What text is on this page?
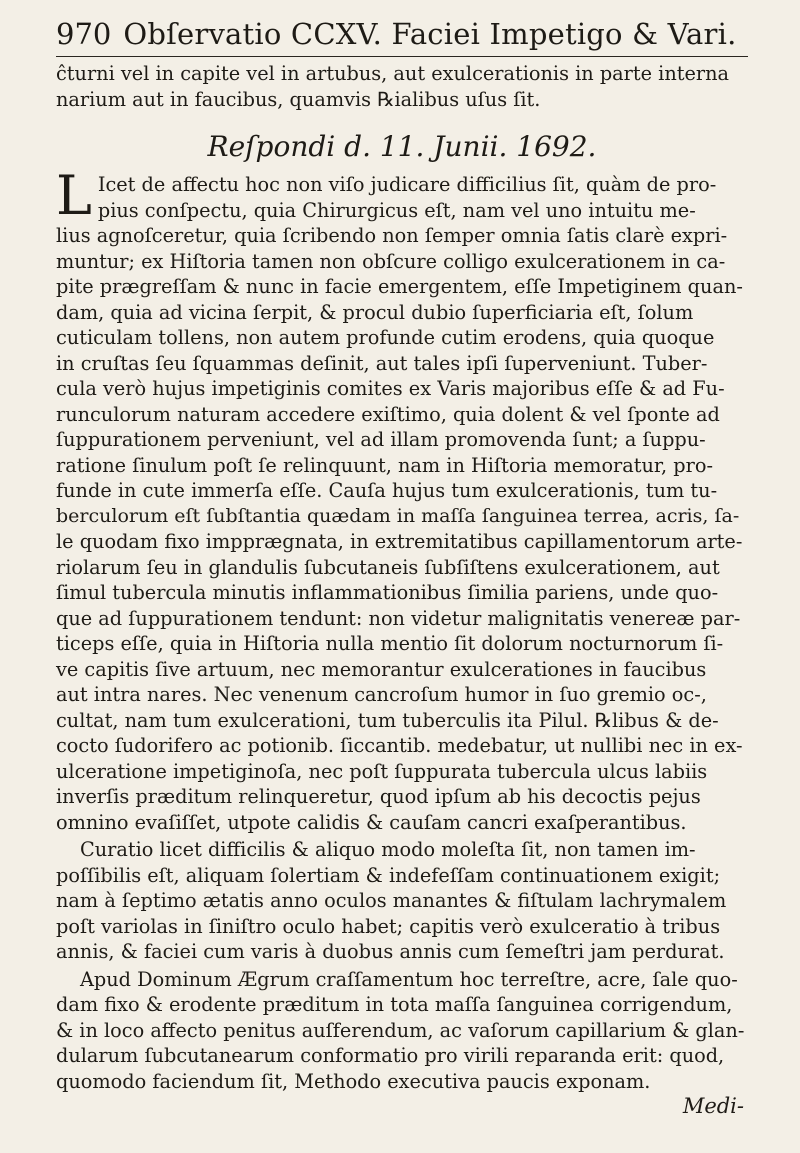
970 Obſervatio CCXV. Faciei Impetigo & Vari.

ĉturni vel in capite vel in artubus, aut exulcerationis in parte interna
narium aut in faucibus, quamvis ℞ialibus uſus ſit.

Reſpondi d. 11. Junii. 1692.

L Icet de affectu hoc non viſo judicare difficilius ſit, quàm de pro-
pius conſpectu, quia Chirurgicus eſt, nam vel uno intuitu me-
lius agnoſceretur, quia ſcribendo non ſemper omnia ſatis clarè expri-
muntur; ex Hiſtoria tamen non obſcure colligo exulcerationem in ca-
pite prægreſſam & nunc in facie emergentem, eſſe Impetiginem quan-
dam, quia ad vicina ſerpit, & procul dubio ſuperficiaria eſt, ſolum
cuticulam tollens, non autem profunde cutim erodens, quia quoque
in cruſtas ſeu ſquammas deſinit, aut tales ipſi ſuperveniunt. Tuber-
cula verò hujus impetiginis comites ex Varis majoribus eſſe & ad Fu-
runculorum naturam accedere exiſtimo, quia dolent & vel ſponte ad
ſuppurationem perveniunt, vel ad illam promovenda ſunt; a ſuppu-
ratione ſinulum poſt ſe relinquunt, nam in Hiſtoria memoratur, pro-
funde in cute immerſa eſſe. Cauſa hujus tum exulcerationis, tum tu-
berculorum eſt ſubſtantia quædam in maſſa ſanguinea terrea, acris, ſa-
le quodam fixo impprægnata, in extremitatibus capillamentorum arte-
riolarum ſeu in glandulis ſubcutaneis ſubſiſtens exulcerationem, aut
ſimul tubercula minutis inflammationibus ſimilia pariens, unde quo-
que ad ſuppurationem tendunt: non videtur malignitatis venereæ par-
ticeps eſſe, quia in Hiſtoria nulla mentio ſit dolorum nocturnorum ſi-
ve capitis ſive artuum, nec memorantur exulcerationes in faucibus
aut intra nares. Nec venenum cancroſum humor in ſuo gremio oc-,
cultat, nam tum exulcerationi, tum tuberculis ita Pilul. ℞libus & de-
cocto ſudorifero ac potionib. ſiccantib. medebatur, ut nullibi nec in ex-
ulceratione impetiginoſa, nec poſt ſuppurata tubercula ulcus labiis
inverſis præditum relinqueretur, quod ipſum ab his decoctis pejus
omnino evaſiſſet, utpote calidis & cauſam cancri exaſperantibus.

Curatio licet difficilis & aliquo modo moleſta ſit, non tamen im-
poſſibilis eſt, aliquam ſolertiam & indefeſſam continuationem exigit;
nam à ſeptimo ætatis anno oculos manantes & fiſtulam lachrymalem
poſt variolas in ſiniſtro oculo habet; capitis verò exulceratio à tribus
annis, & faciei cum varis à duobus annis cum ſemeſtri jam perdurat.

Apud Dominum Ægrum craſſamentum hoc terreſtre, acre, ſale quo-
dam fixo & erodente præditum in tota maſſa ſanguinea corrigendum,
& in loco affecto penitus auſferendum, ac vaſorum capillarium & glan-
dularum ſubcutanearum conformatio pro virili reparanda erit: quod,
quomodo faciendum ſit, Methodo executiva paucis exponam.

Medi-
